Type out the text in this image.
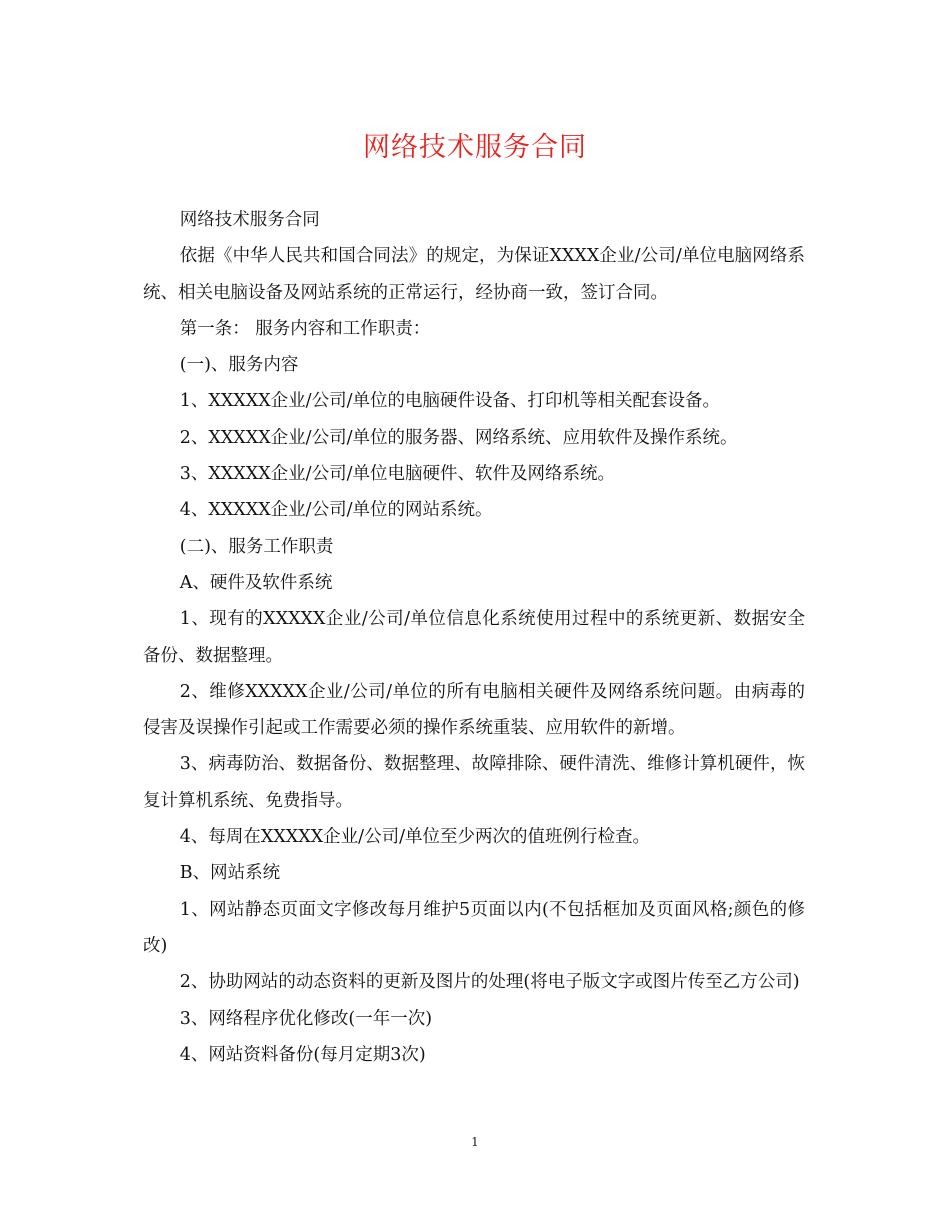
网络技术服务合同

网络技术服务合同

依据《中华人民共和国合同法》的规定，为保证XXXX企业/公司/单位电脑网络系统、相关电脑设备及网站系统的正常运行，经协商一致，签订合同。

第一条： 服务内容和工作职责：

(一)、服务内容

1、XXXXX企业/公司/单位的电脑硬件设备、打印机等相关配套设备。

2、XXXXX企业/公司/单位的服务器、网络系统、应用软件及操作系统。

3、XXXXX企业/公司/单位电脑硬件、软件及网络系统。

4、XXXXX企业/公司/单位的网站系统。

(二)、服务工作职责

A、硬件及软件系统

1、现有的XXXXX企业/公司/单位信息化系统使用过程中的系统更新、数据安全备份、数据整理。

2、维修XXXXX企业/公司/单位的所有电脑相关硬件及网络系统问题。由病毒的侵害及误操作引起或工作需要必须的操作系统重装、应用软件的新增。

3、病毒防治、数据备份、数据整理、故障排除、硬件清洗、维修计算机硬件，恢复计算机系统、免费指导。

4、每周在XXXXX企业/公司/单位至少两次的值班例行检查。

B、网站系统

1、网站静态页面文字修改每月维护5页面以内(不包括框加及页面风格;颜色的修改)

2、协助网站的动态资料的更新及图片的处理(将电子版文字或图片传至乙方公司)

3、网络程序优化修改(一年一次)

4、网站资料备份(每月定期3次)

1
